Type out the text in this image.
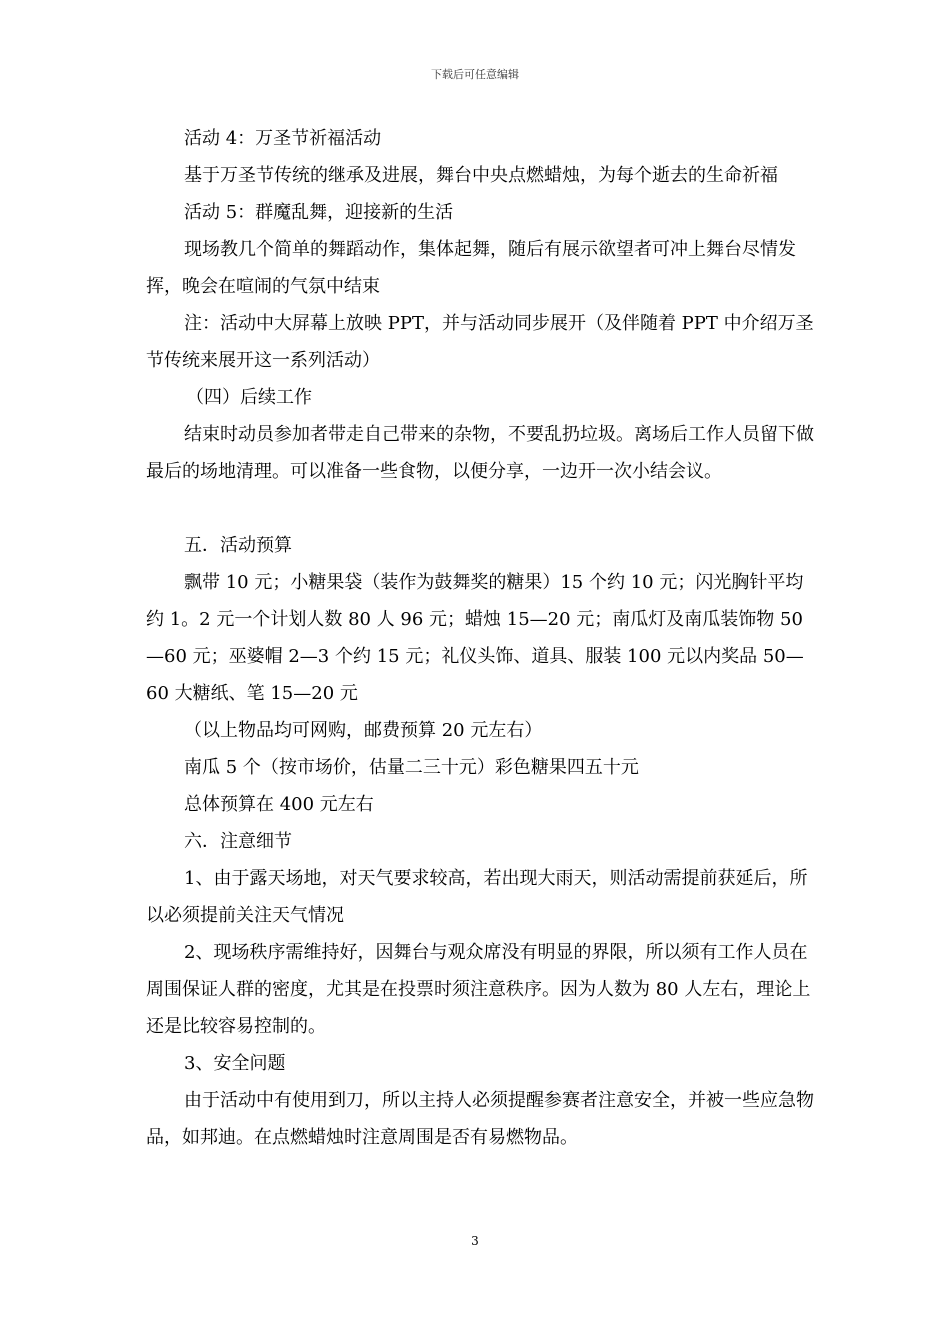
下载后可任意编辑

活动 4：万圣节祈福活动

基于万圣节传统的继承及进展，舞台中央点燃蜡烛，为每个逝去的生命祈福

活动 5：群魔乱舞，迎接新的生活

现场教几个简单的舞蹈动作，集体起舞，随后有展示欲望者可冲上舞台尽情发挥，晚会在喧闹的气氛中结束

注：活动中大屏幕上放映 PPT，并与活动同步展开（及伴随着 PPT 中介绍万圣节传统来展开这一系列活动）

（四）后续工作

结束时动员参加者带走自己带来的杂物，不要乱扔垃圾。离场后工作人员留下做最后的场地清理。可以准备一些食物，以便分享，一边开一次小结会议。

五．活动预算

飘带 10 元；小糖果袋（装作为鼓舞奖的糖果）15 个约 10 元；闪光胸针平均约 1。2 元一个计划人数 80 人 96 元；蜡烛 15—20 元；南瓜灯及南瓜装饰物 50—60 元；巫婆帽 2—3 个约 15 元；礼仪头饰、道具、服装 100 元以内奖品 50—60 大糖纸、笔 15—20 元

（以上物品均可网购，邮费预算 20 元左右）

南瓜 5 个（按市场价，估量二三十元）彩色糖果四五十元

总体预算在 400 元左右

六．注意细节

1、由于露天场地，对天气要求较高，若出现大雨天，则活动需提前获延后，所以必须提前关注天气情况

2、现场秩序需维持好，因舞台与观众席没有明显的界限，所以须有工作人员在周围保证人群的密度，尤其是在投票时须注意秩序。因为人数为 80 人左右，理论上还是比较容易控制的。

3、安全问题

由于活动中有使用到刀，所以主持人必须提醒参赛者注意安全，并被一些应急物品，如邦迪。在点燃蜡烛时注意周围是否有易燃物品。

3
